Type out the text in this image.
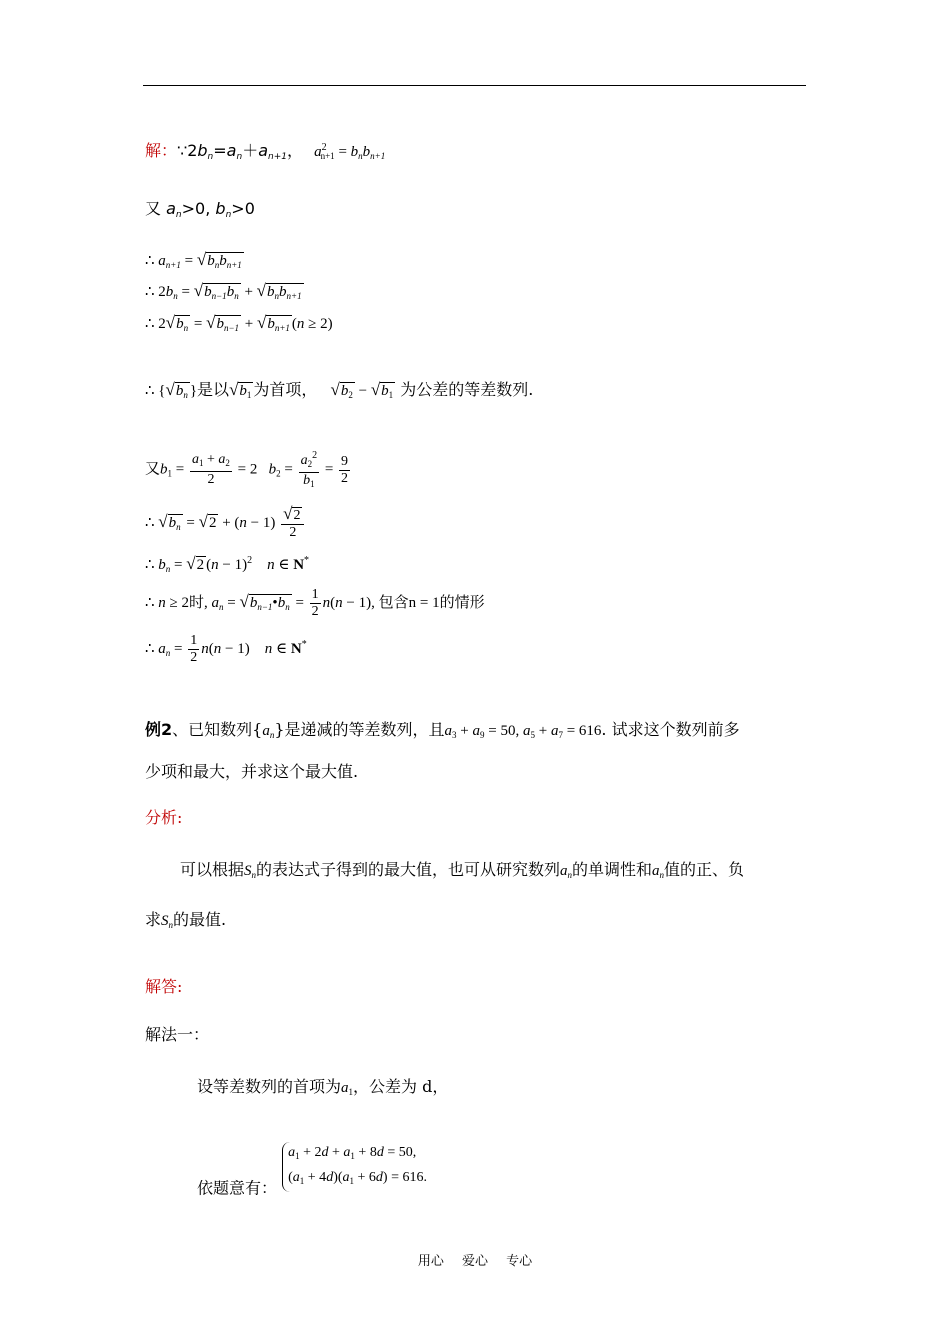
解：$\because 2b_n=a_n+a_{n+1}$， $a^2_{n+1} = b_nb_{n+1}$
又 $a_n>0$, $b_n>0$
∴ $a_{n+1} = √b_nb_{n+1}$
∴ $2b_n = √b_{n-1}b_n + √b_nb_{n+1}$
∴ $2√b_n = √b_{n-1} + √b_{n+1}$ (n ≥ 2)
∴ {$√b_n$ }是以$√b_1$ 为首项， $√b_2 - √b_1$ 为公差的等差数列.
又$b_1 = \frac{a_1 + a_2}{2} = 2$   $b_2 = \frac{a_2^2}{b_1} = \frac{9}{2}$
∴ $√b_n = √2 + (n - 1) \frac{√2}{2}$
∴ $b_n = √2$ $(n - 1)^2$ n ∈ N*
∴ n ≥ 2时, $a_n$ = $√b_{n-1}•b_n = \frac{1}{2} n(n - 1)$, 包含n = 1的情形
∴ $a_n = \frac{1}{2} n(n - 1)$    n ∈ N*
例2、已知数列$\{a_n\}$是递减的等差数列，且$a_3 + a_9 = 50$, $a_5 + a_7 = 616$. 试求这个数列前多
少项和最大，并求这个最大值.
分析:
可以根据$S_n$的表达式子得到的最大值，也可从研究数列$a_n$的单调性和$a_n$值的正、负
求$S_n$的最值.
解答:
解法一：
设等差数列的首项为$a_1$，公差为 d，
依题意有： $a_1 + 2d + a_1 + 8d = 50$,
$(a_1 + 4d)(a_1 + 6d) = 616$.
用心 爱心 专心
